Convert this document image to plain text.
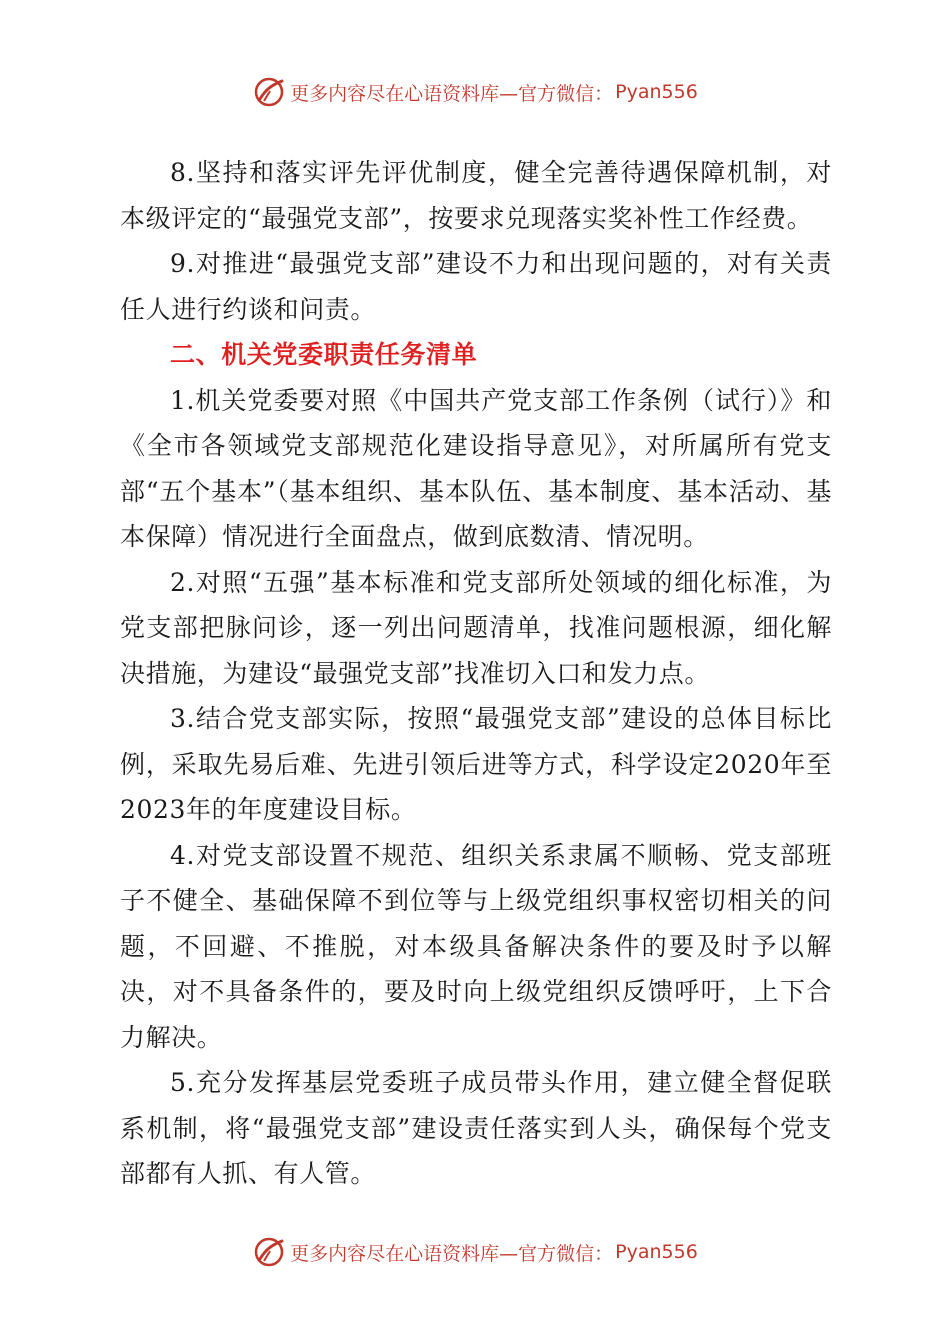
更多内容尽在心语资料库—官方微信： Pyan556

8.坚持和落实评先评优制度，健全完善待遇保障机制，对本级评定的“最强党支部”，按要求兑现落实奖补性工作经费。

9.对推进“最强党支部”建设不力和出现问题的，对有关责任人进行约谈和问责。

二、机关党委职责任务清单

1.机关党委要对照《中国共产党支部工作条例（试行）》和《全市各领域党支部规范化建设指导意见》，对所属所有党支部“五个基本”（基本组织、基本队伍、基本制度、基本活动、基本保障）情况进行全面盘点，做到底数清、情况明。

2.对照“五强”基本标准和党支部所处领域的细化标准，为党支部把脉问诊，逐一列出问题清单，找准问题根源，细化解决措施，为建设“最强党支部”找准切入口和发力点。

3.结合党支部实际，按照“最强党支部”建设的总体目标比例，采取先易后难、先进引领后进等方式，科学设定2020年至2023年的年度建设目标。

4.对党支部设置不规范、组织关系隶属不顺畅、党支部班子不健全、基础保障不到位等与上级党组织事权密切相关的问题，不回避、不推脱，对本级具备解决条件的要及时予以解决，对不具备条件的，要及时向上级党组织反馈呼吁，上下合力解决。

5.充分发挥基层党委班子成员带头作用，建立健全督促联系机制，将“最强党支部”建设责任落实到人头，确保每个党支部都有人抓、有人管。

更多内容尽在心语资料库—官方微信： Pyan556
